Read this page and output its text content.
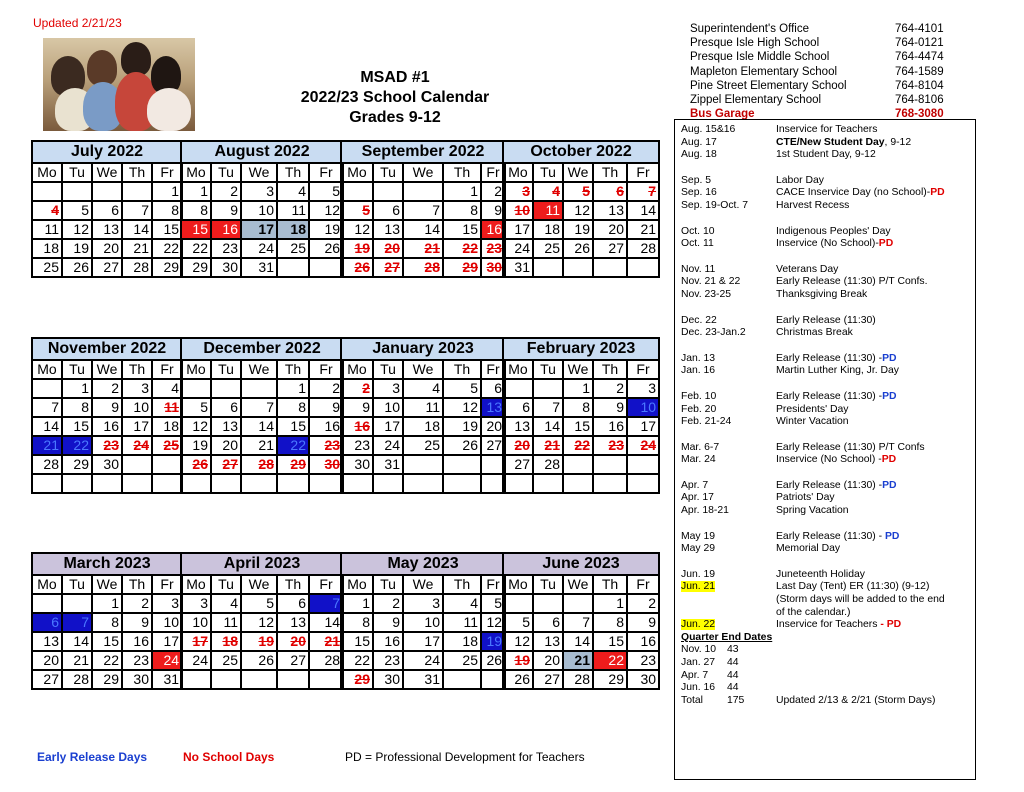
Updated 2/21/23
MSAD #1
2022/23 School Calendar
Grades 9-12
July 2022				
Mo	Tu	We	Th	Fr
				1
4	5	6	7	8
11	12	13	14	15
18	19	20	21	22
25	26	27	28	29
August 2022				
Mo	Tu	We	Th	Fr
1	2	3	4	5
8	9	10	11	12
15	16	17	18	19
22	23	24	25	26
29	30	31		
September 2022				
Mo	Tu	We	Th	Fr
			1	2
5	6	7	8	9
12	13	14	15	16
19	20	21	22	23
26	27	28	29	30
October 2022				
Mo	Tu	We	Th	Fr
3	4	5	6	7
10	11	12	13	14
17	18	19	20	21
24	25	26	27	28
31				
November 2022				
Mo	Tu	We	Th	Fr
	1	2	3	4
7	8	9	10	11
14	15	16	17	18
21	22	23	24	25
28	29	30		

December 2022				
Mo	Tu	We	Th	Fr
			1	2
5	6	7	8	9
12	13	14	15	16
19	20	21	22	23
26	27	28	29	30

January 2023				
Mo	Tu	We	Th	Fr
2	3	4	5	6
9	10	11	12	13
16	17	18	19	20
23	24	25	26	27
30	31			

February 2023				
Mo	Tu	We	Th	Fr
		1	2	3
6	7	8	9	10
13	14	15	16	17
20	21	22	23	24
27	28			

March 2023				
Mo	Tu	We	Th	Fr
		1	2	3
6	7	8	9	10
13	14	15	16	17
20	21	22	23	24
27	28	29	30	31
April 2023				
Mo	Tu	We	Th	Fr
3	4	5	6	7
10	11	12	13	14
17	18	19	20	21
24	25	26	27	28

May 2023				
Mo	Tu	We	Th	Fr
1	2	3	4	5
8	9	10	11	12
15	16	17	18	19
22	23	24	25	26
29	30	31		
June 2023				
Mo	Tu	We	Th	Fr
			1	2
5	6	7	8	9
12	13	14	15	16
19	20	21	22	23
26	27	28	29	30
Early Release Days	No School Days	PD = Professional Development for Teachers
Superintendent's Office	764-4101
Presque Isle High School	764-0121
Presque Isle Middle School	764-4474
Mapleton Elementary School	764-1589
Pine Street Elementary School	764-8104
Zippel Elementary School	764-8106
Bus Garage	768-3080
Aug. 15&16	Inservice for Teachers
Aug. 17	CTE/New Student Day, 9-12
Aug. 18	1st Student Day, 9-12
Sep. 5	Labor Day
Sep. 16	CACE Inservice Day (no School)-PD
Sep. 19-Oct. 7	Harvest Recess
Oct. 10	Indigenous Peoples' Day
Oct. 11	Inservice (No School)-PD
Nov. 11	Veterans Day
Nov. 21 & 22	Early Release (11:30) P/T Confs.
Nov. 23-25	Thanksgiving Break
Dec. 22	Early Release (11:30)
Dec. 23-Jan.2	Christmas Break
Jan. 13	Early Release (11:30) -PD
Jan. 16	Martin Luther King, Jr. Day
Feb. 10	Early Release (11:30) -PD
Feb. 20	Presidents' Day
Feb. 21-24	Winter Vacation
Mar. 6-7	Early Release (11:30) P/T Confs
Mar. 24	Inservice (No School) -PD
Apr. 7	Early Release (11:30) -PD
Apr. 17	Patriots' Day
Apr. 18-21	Spring Vacation
May 19	Early Release (11:30) - PD
May 29	Memorial Day
Jun. 19	Juneteenth Holiday
Jun. 21	Last Day (Tent) ER (11:30) (9-12)
(Storm days will be added to the end
of the calendar.)
Jun. 22	Inservice for Teachers - PD
Quarter End Dates
Nov. 10	43
Jan. 27	44
Apr. 7	44
Jun. 16	44
Total	175	Updated 2/13 & 2/21 (Storm Days)
